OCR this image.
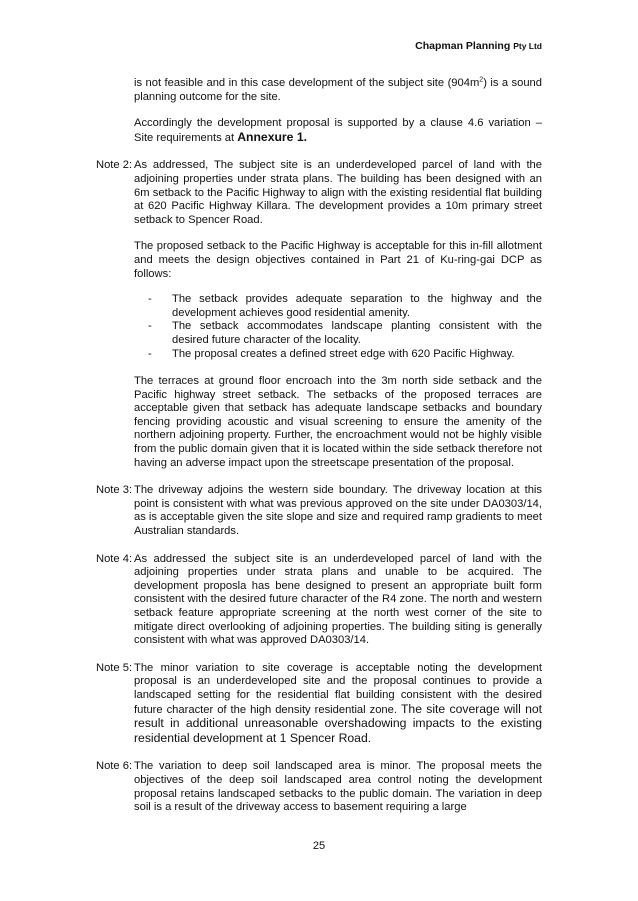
Chapman Planning Pty Ltd

is not feasible and in this case development of the subject site $(904m^2)$ is a sound planning outcome for the site.

Accordingly the development proposal is supported by a clause 4.6 variation – Site requirements at Annexure 1.

Note 2: As addressed, The subject site is an underdeveloped parcel of land with the adjoining properties under strata plans. The building has been designed with an 6m setback to the Pacific Highway to align with the existing residential flat building at 620 Pacific Highway Killara. The development provides a 10m primary street setback to Spencer Road.

The proposed setback to the Pacific Highway is acceptable for this in-fill allotment and meets the design objectives contained in Part 21 of Ku-ring-gai DCP as follows:

- The setback provides adequate separation to the highway and the development achieves good residential amenity.
- The setback accommodates landscape planting consistent with the desired future character of the locality.
- The proposal creates a defined street edge with 620 Pacific Highway.

The terraces at ground floor encroach into the 3m north side setback and the Pacific highway street setback. The setbacks of the proposed terraces are acceptable given that setback has adequate landscape setbacks and boundary fencing providing acoustic and visual screening to ensure the amenity of the northern adjoining property. Further, the encroachment would not be highly visible from the public domain given that it is located within the side setback therefore not having an adverse impact upon the streetscape presentation of the proposal.

Note 3: The driveway adjoins the western side boundary. The driveway location at this point is consistent with what was previous approved on the site under DA0303/14, as is acceptable given the site slope and size and required ramp gradients to meet Australian standards.

Note 4: As addressed the subject site is an underdeveloped parcel of land with the adjoining properties under strata plans and unable to be acquired. The development proposla has bene designed to present an appropriate built form consistent with the desired future character of the R4 zone. The north and western setback feature appropriate screening at the north west corner of the site to mitigate direct overlooking of adjoining properties. The building siting is generally consistent with what was approved DA0303/14.

Note 5: The minor variation to site coverage is acceptable noting the development proposal is an underdeveloped site and the proposal continues to provide a landscaped setting for the residential flat building consistent with the desired future character of the high density residential zone. The site coverage will not result in additional unreasonable overshadowing impacts to the existing residential development at 1 Spencer Road.

Note 6: The variation to deep soil landscaped area is minor. The proposal meets the objectives of the deep soil landscaped area control noting the development proposal retains landscaped setbacks to the public domain. The variation in deep soil is a result of the driveway access to basement requiring a large

25
